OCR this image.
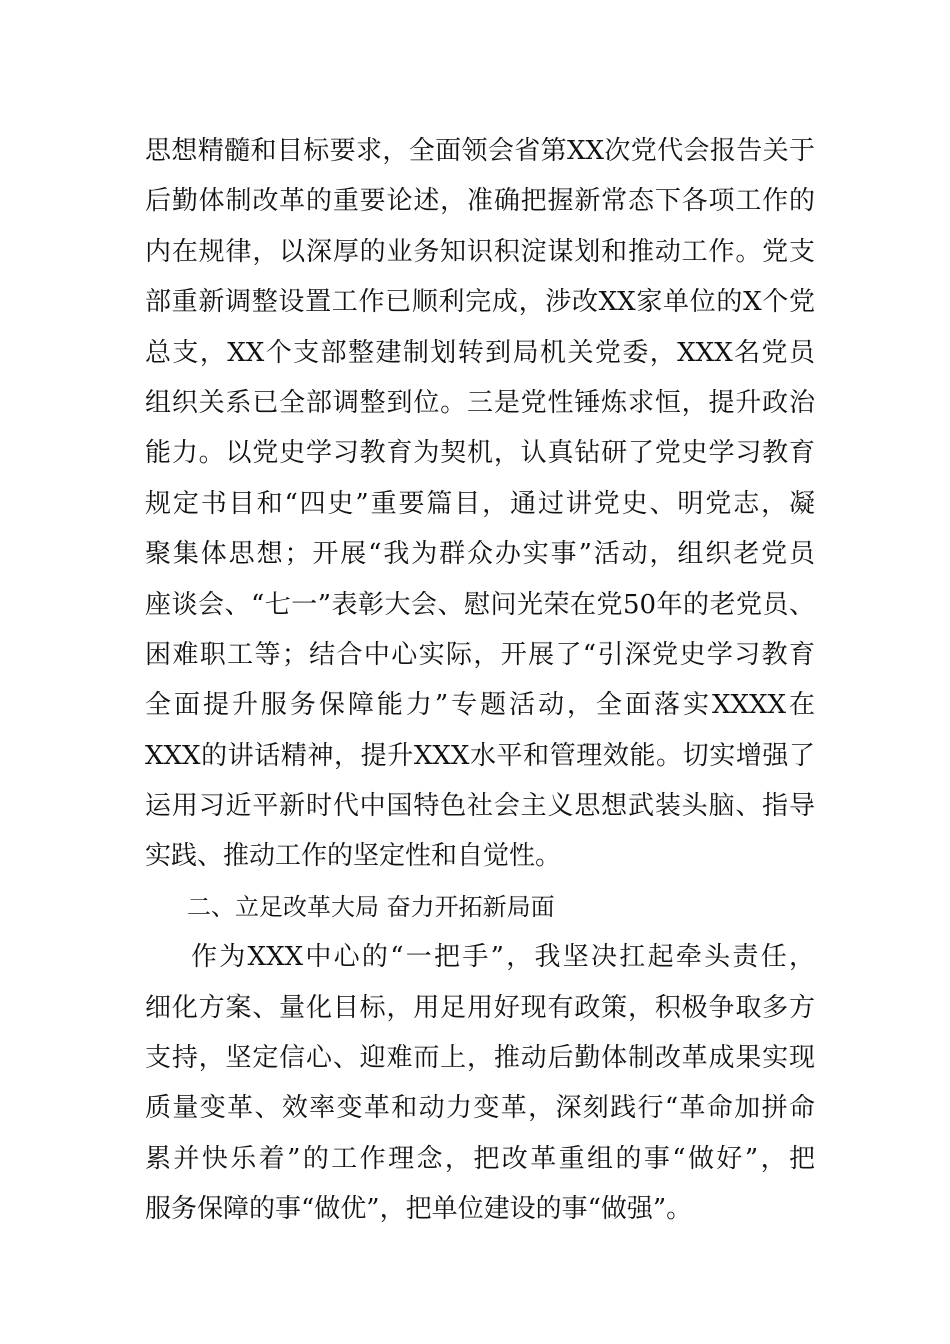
思想精髓和目标要求，全面领会省第XX次党代会报告关于
后勤体制改革的重要论述，准确把握新常态下各项工作的
内在规律，以深厚的业务知识积淀谋划和推动工作。党支
部重新调整设置工作已顺利完成，涉改XX家单位的X个党
总支，XX个支部整建制划转到局机关党委，XXX名党员
组织关系已全部调整到位。三是党性锤炼求恒，提升政治
能力。以党史学习教育为契机，认真钻研了党史学习教育
规定书目和“四史”重要篇目，通过讲党史、明党志，凝
聚集体思想；开展“我为群众办实事”活动，组织老党员
座谈会、“七一”表彰大会、慰问光荣在党50年的老党员、
困难职工等；结合中心实际，开展了“引深党史学习教育
全面提升服务保障能力”专题活动，全面落实XXXX在
XXX的讲话精神，提升XXX水平和管理效能。切实增强了
运用习近平新时代中国特色社会主义思想武装头脑、指导
实践、推动工作的坚定性和自觉性。
二、立足改革大局 奋力开拓新局面
作为XXX中心的“一把手”，我坚决扛起牵头责任，
细化方案、量化目标，用足用好现有政策，积极争取多方
支持，坚定信心、迎难而上，推动后勤体制改革成果实现
质量变革、效率变革和动力变革，深刻践行“革命加拼命
累并快乐着”的工作理念，把改革重组的事“做好”，把
服务保障的事“做优”，把单位建设的事“做强”。
